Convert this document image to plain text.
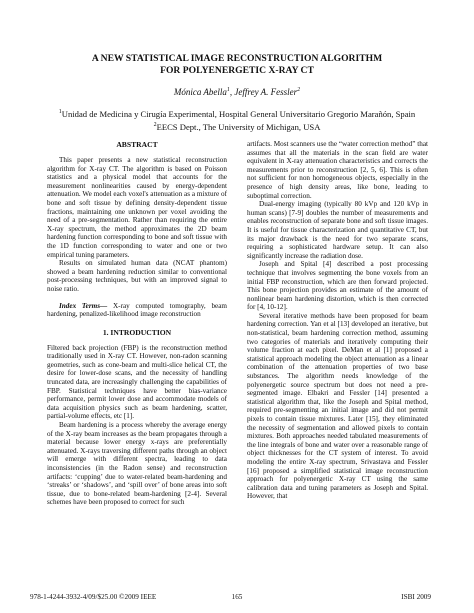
A NEW STATISTICAL IMAGE RECONSTRUCTION ALGORITHM
FOR POLYENERGETIC X-RAY CT
Mónica Abella$^1$, Jeffrey A. Fessler$^2$
$^1$Unidad de Medicina y Cirugía Experimental, Hospital General Universitario Gregorio Marañón, Spain
$^2$EECS Dept., The University of Michigan, USA
ABSTRACT

This paper presents a new statistical reconstruction algorithm for X-ray CT. The algorithm is based on Poisson statistics and a physical model that accounts for the measurement nonlinearities caused by energy-dependent attenuation. We model each voxel's attenuation as a mixture of bone and soft tissue by defining density-dependent tissue fractions, maintaining one unknown per voxel avoiding the need of a pre-segmentation. Rather than requiring the entire X-ray spectrum, the method approximates the 2D beam hardening function corresponding to bone and soft tissue with the 1D function corresponding to water and one or two empirical tuning parameters.

Results on simulated human data (NCAT phantom) showed a beam hardening reduction similar to conventional post-processing techniques, but with an improved signal to noise ratio.

Index Terms— X-ray computed tomography, beam hardening, penalized-likelihood image reconstruction

1. INTRODUCTION

Filtered back projection (FBP) is the reconstruction method traditionally used in X-ray CT. However, non-radon scanning geometries, such as cone-beam and multi-slice helical CT, the desire for lower-dose scans, and the necessity of handling truncated data, are increasingly challenging the capabilities of FBP. Statistical techniques have better bias-variance performance, permit lower dose and accommodate models of data acquisition physics such as beam hardening, scatter, partial-volume effects, etc [1].

Beam hardening is a process whereby the average energy of the X-ray beam increases as the beam propagates through a material because lower energy x-rays are preferentially attenuated. X-rays traversing different paths through an object will emerge with different spectra, leading to data inconsistencies (in the Radon sense) and reconstruction artifacts: ‘cupping’ due to water-related beam-hardening and ‘streaks’ or ‘shadows’, and ‘spill over’ of bone areas into soft tissue, due to bone-related beam-hardening [2-4]. Several schemes have been proposed to correct for such

artifacts. Most scanners use the “water correction method” that assumes that all the materials in the scan field are water equivalent in X-ray attenuation characteristics and corrects the measurements prior to reconstruction [2, 5, 6]. This is often not sufficient for non homogeneous objects, especially in the presence of high density areas, like bone, leading to suboptimal correction.

Dual-energy imaging (typically 80 kVp and 120 kVp in human scans) [7-9] doubles the number of measurements and enables reconstruction of separate bone and soft tissue images. It is useful for tissue characterization and quantitative CT, but its major drawback is the need for two separate scans, requiring a sophisticated hardware setup. It can also significantly increase the radiation dose.

Joseph and Spital [4] described a post processing technique that involves segmenting the bone voxels from an initial FBP reconstruction, which are then forward projected. This bone projection provides an estimate of the amount of nonlinear beam hardening distortion, which is then corrected for [4, 10-12].

Several iterative methods have been proposed for beam hardening correction. Yan et al [13] developed an iterative, but non-statistical, beam hardening correction method, assuming two categories of materials and iteratively computing their volume fraction at each pixel. DeMan et al [1] proposed a statistical approach modeling the object attenuation as a linear combination of the attenuation properties of two base substances. The algorithm needs knowledge of the polyenergetic source spectrum but does not need a pre-segmented image. Elbakri and Fessler [14] presented a statistical algorithm that, like the Joseph and Spital method, required pre-segmenting an initial image and did not permit pixels to contain tissue mixtures. Later [15], they eliminated the necessity of segmentation and allowed pixels to contain mixtures. Both approaches needed tabulated measurements of the line integrals of bone and water over a reasonable range of object thicknesses for the CT system of interest. To avoid modeling the entire X-ray spectrum, Srivastava and Fessler [16] proposed a simplified statistical image reconstruction approach for polyenergetic X-ray CT using the same calibration data and tuning parameters as Joseph and Spital. However, that

978-1-4244-3932-4/09/$25.00 ©2009 IEEE	165	ISBI 2009
